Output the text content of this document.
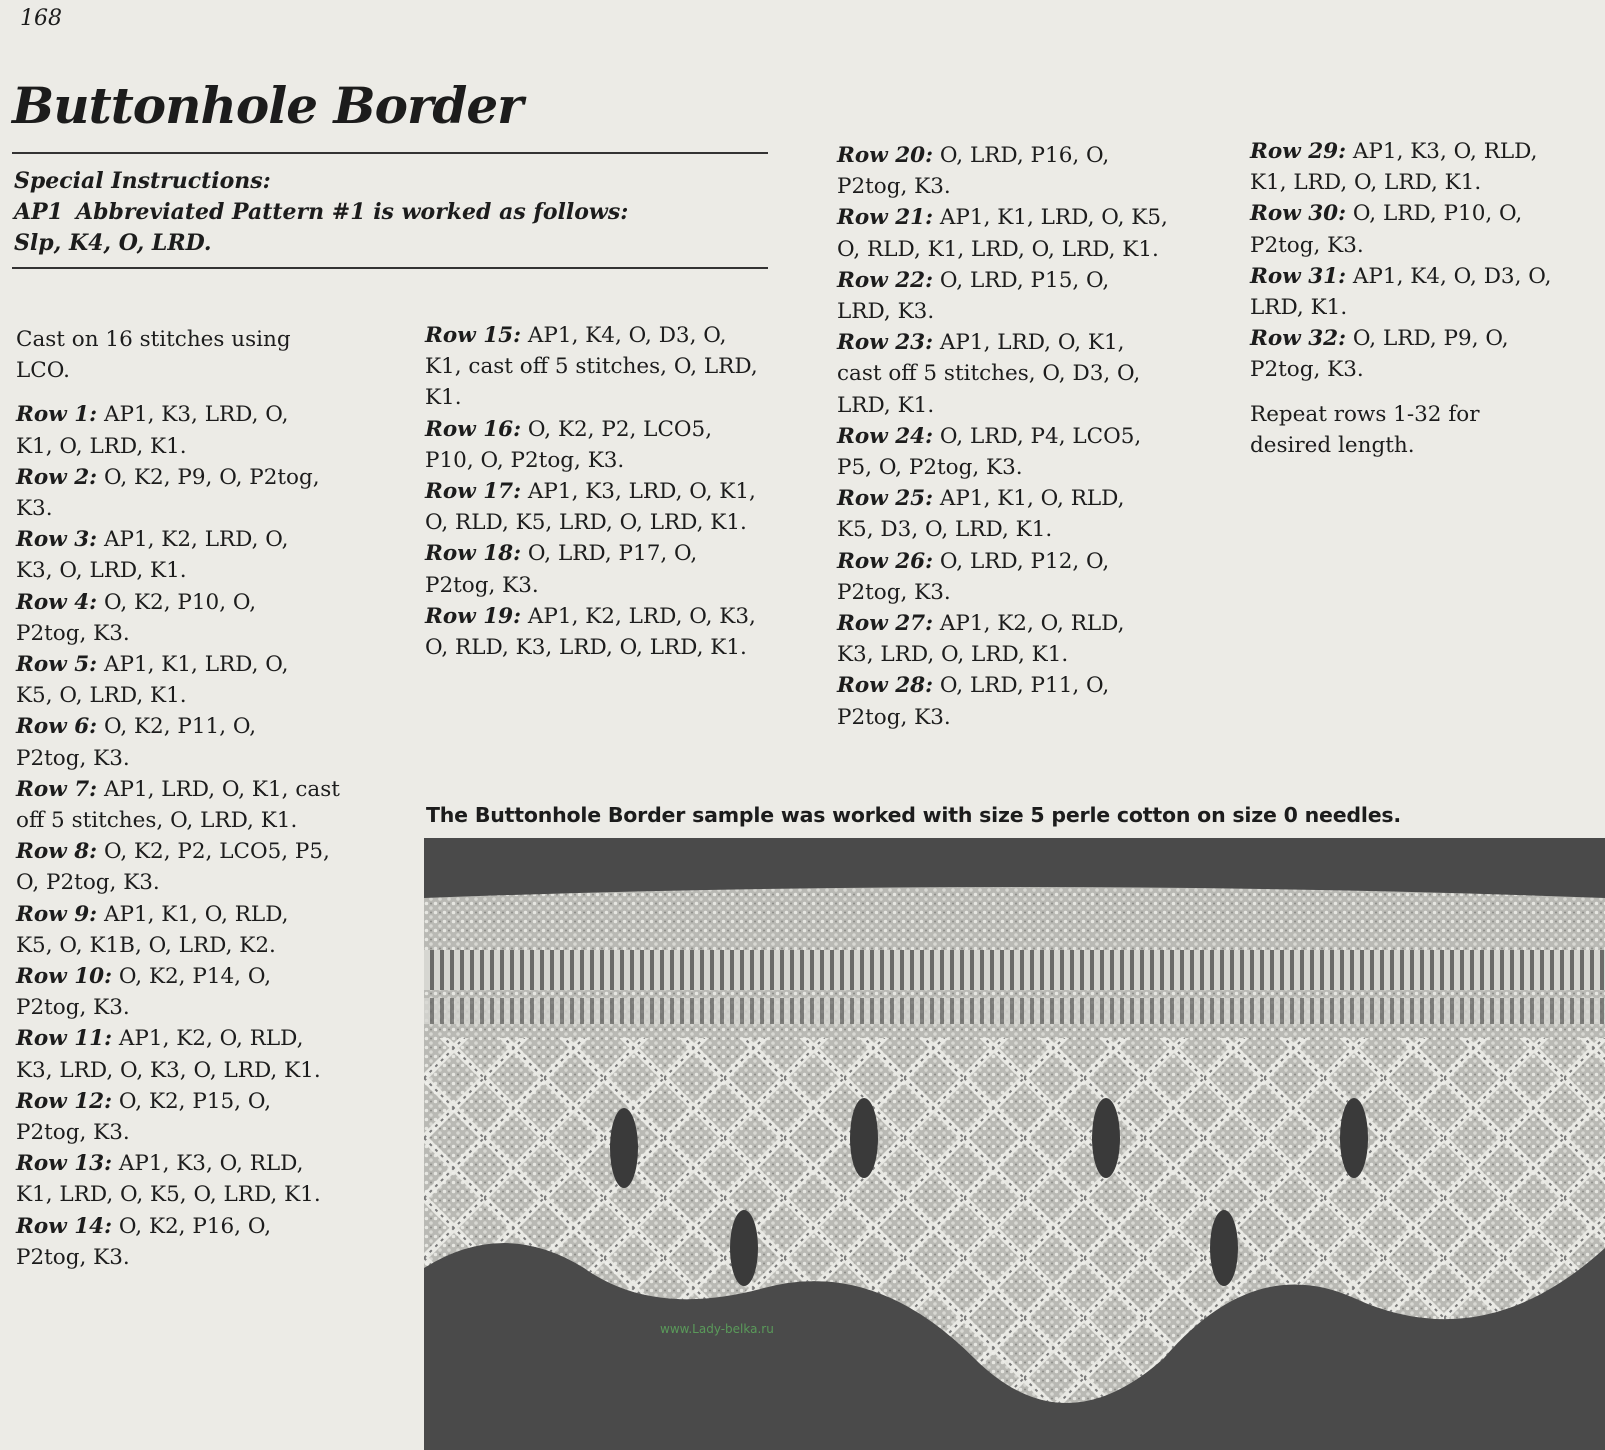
168
Buttonhole Border
Special Instructions:
AP1 Abbreviated Pattern #1 is worked as follows:
Slp, K4, O, LRD.

Cast on 16 stitches using LCO.

Row 1: AP1, K3, LRD, O, K1, O, LRD, K1.

Row 2: O, K2, P9, O, P2tog, K3.

Row 3: AP1, K2, LRD, O, K3, O, LRD, K1.

Row 4: O, K2, P10, O, P2tog, K3.

Row 5: AP1, K1, LRD, O, K5, O, LRD, K1.

Row 6: O, K2, P11, O, P2tog, K3.

Row 7: AP1, LRD, O, K1, cast off 5 stitches, O, LRD, K1.

Row 8: O, K2, P2, LCO5, P5, O, P2tog, K3.

Row 9: AP1, K1, O, RLD, K5, O, K1B, O, LRD, K2.

Row 10: O, K2, P14, O, P2tog, K3.

Row 11: AP1, K2, O, RLD, K3, LRD, O, K3, O, LRD, K1.

Row 12: O, K2, P15, O, P2tog, K3.

Row 13: AP1, K3, O, RLD, K1, LRD, O, K5, O, LRD, K1.

Row 14: O, K2, P16, O, P2tog, K3.

Row 15: AP1, K4, O, D3, O, K1, cast off 5 stitches, O, LRD, K1.

Row 16: O, K2, P2, LCO5, P10, O, P2tog, K3.

Row 17: AP1, K3, LRD, O, K1, O, RLD, K5, LRD, O, LRD, K1.

Row 18: O, LRD, P17, O, P2tog, K3.

Row 19: AP1, K2, LRD, O, K3, O, RLD, K3, LRD, O, LRD, K1.

Row 20: O, LRD, P16, O, P2tog, K3.

Row 21: AP1, K1, LRD, O, K5, O, RLD, K1, LRD, O, LRD, K1.

Row 22: O, LRD, P15, O, LRD, K3.

Row 23: AP1, LRD, O, K1, cast off 5 stitches, O, D3, O, LRD, K1.

Row 24: O, LRD, P4, LCO5, P5, O, P2tog, K3.

Row 25: AP1, K1, O, RLD, K5, D3, O, LRD, K1.

Row 26: O, LRD, P12, O, P2tog, K3.

Row 27: AP1, K2, O, RLD, K3, LRD, O, LRD, K1.

Row 28: O, LRD, P11, O, P2tog, K3.

Row 29: AP1, K3, O, RLD, K1, LRD, O, LRD, K1.

Row 30: O, LRD, P10, O, P2tog, K3.

Row 31: AP1, K4, O, D3, O, LRD, K1.

Row 32: O, LRD, P9, O, P2tog, K3.

Repeat rows 1-32 for desired length.

The Buttonhole Border sample was worked with size 5 perle cotton on size 0 needles.
www.Lady-belka.ru
